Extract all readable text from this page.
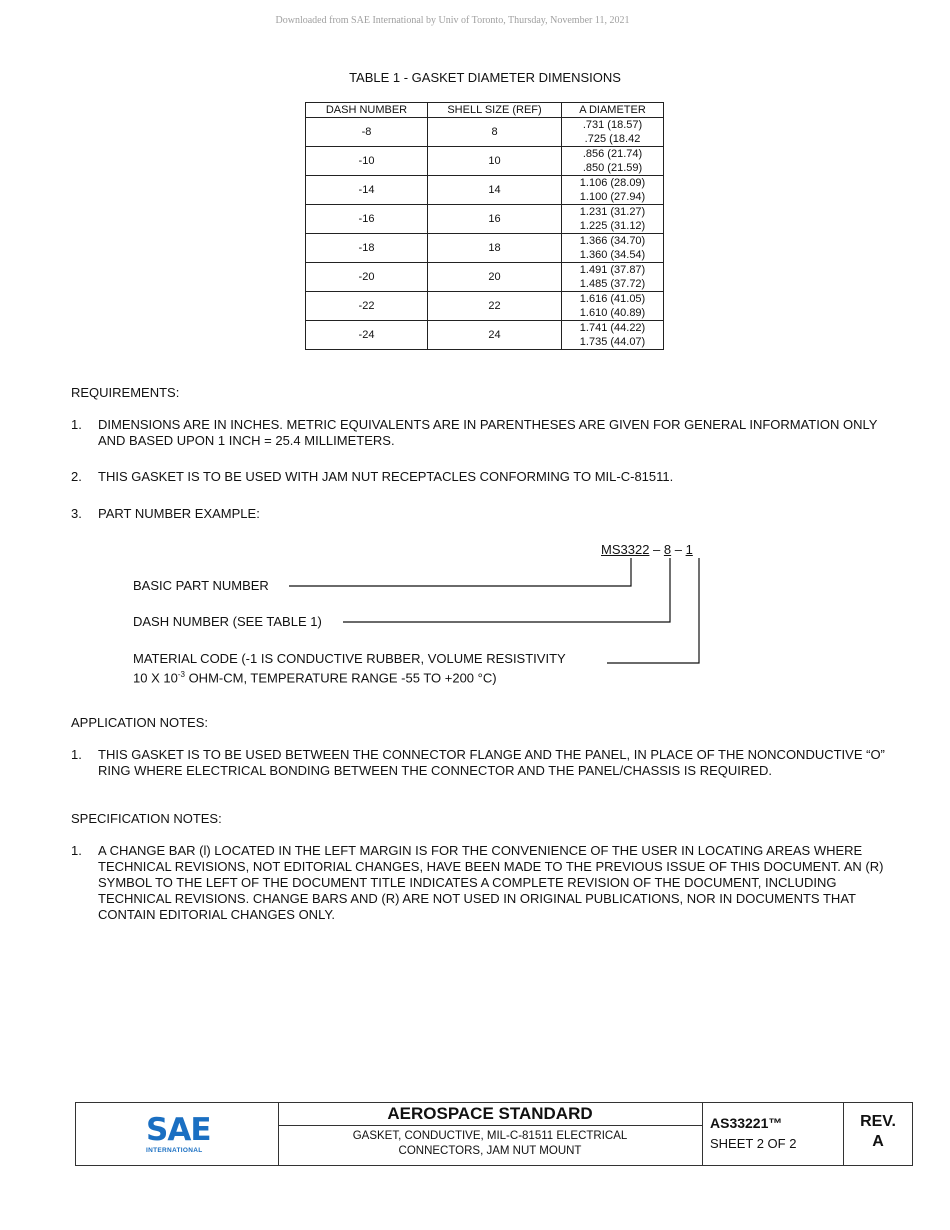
Downloaded from SAE International by Univ of Toronto, Thursday, November 11, 2021
TABLE 1 - GASKET DIAMETER DIMENSIONS
DASH NUMBER	SHELL SIZE (REF)	A DIAMETER
-8	8	.731 (18.57)
.725 (18.42

-10	10	.856 (21.74)
.850 (21.59)

-14	14	1.106 (28.09)
1.100 (27.94)

-16	16	1.231 (31.27)
1.225 (31.12)

-18	18	1.366 (34.70)
1.360 (34.54)

-20	20	1.491 (37.87)
1.485 (37.72)

-22	22	1.616 (41.05)
1.610 (40.89)

-24	24	1.741 (44.22)
1.735 (44.07)
REQUIREMENTS:
1. DIMENSIONS ARE IN INCHES. METRIC EQUIVALENTS ARE IN PARENTHESES ARE GIVEN FOR GENERAL INFORMATION ONLY AND BASED UPON 1 INCH = 25.4 MILLIMETERS.
2. THIS GASKET IS TO BE USED WITH JAM NUT RECEPTACLES CONFORMING TO MIL-C-81511.
3. PART NUMBER EXAMPLE:
MS3322 – 8 – 1
BASIC PART NUMBER
DASH NUMBER (SEE TABLE 1)
MATERIAL CODE (-1 IS CONDUCTIVE RUBBER, VOLUME RESISTIVITY
10 X $10^{-3}$ OHM-CM, TEMPERATURE RANGE -55 TO +200 °C)
APPLICATION NOTES:
1. THIS GASKET IS TO BE USED BETWEEN THE CONNECTOR FLANGE AND THE PANEL, IN PLACE OF THE NONCONDUCTIVE “O” RING WHERE ELECTRICAL BONDING BETWEEN THE CONNECTOR AND THE PANEL/CHASSIS IS REQUIRED.
SPECIFICATION NOTES:
1. A CHANGE BAR (l) LOCATED IN THE LEFT MARGIN IS FOR THE CONVENIENCE OF THE USER IN LOCATING AREAS WHERE TECHNICAL REVISIONS, NOT EDITORIAL CHANGES, HAVE BEEN MADE TO THE PREVIOUS ISSUE OF THIS DOCUMENT. AN (R) SYMBOL TO THE LEFT OF THE DOCUMENT TITLE INDICATES A COMPLETE REVISION OF THE DOCUMENT, INCLUDING TECHNICAL REVISIONS. CHANGE BARS AND (R) ARE NOT USED IN ORIGINAL PUBLICATIONS, NOR IN DOCUMENTS THAT CONTAIN EDITORIAL CHANGES ONLY.
SAE
INTERNATIONAL
AEROSPACE STANDARD
GASKET, CONDUCTIVE, MIL-C-81511 ELECTRICAL
CONNECTORS, JAM NUT MOUNT
AS33221™
SHEET 2 OF 2
REV.
A
